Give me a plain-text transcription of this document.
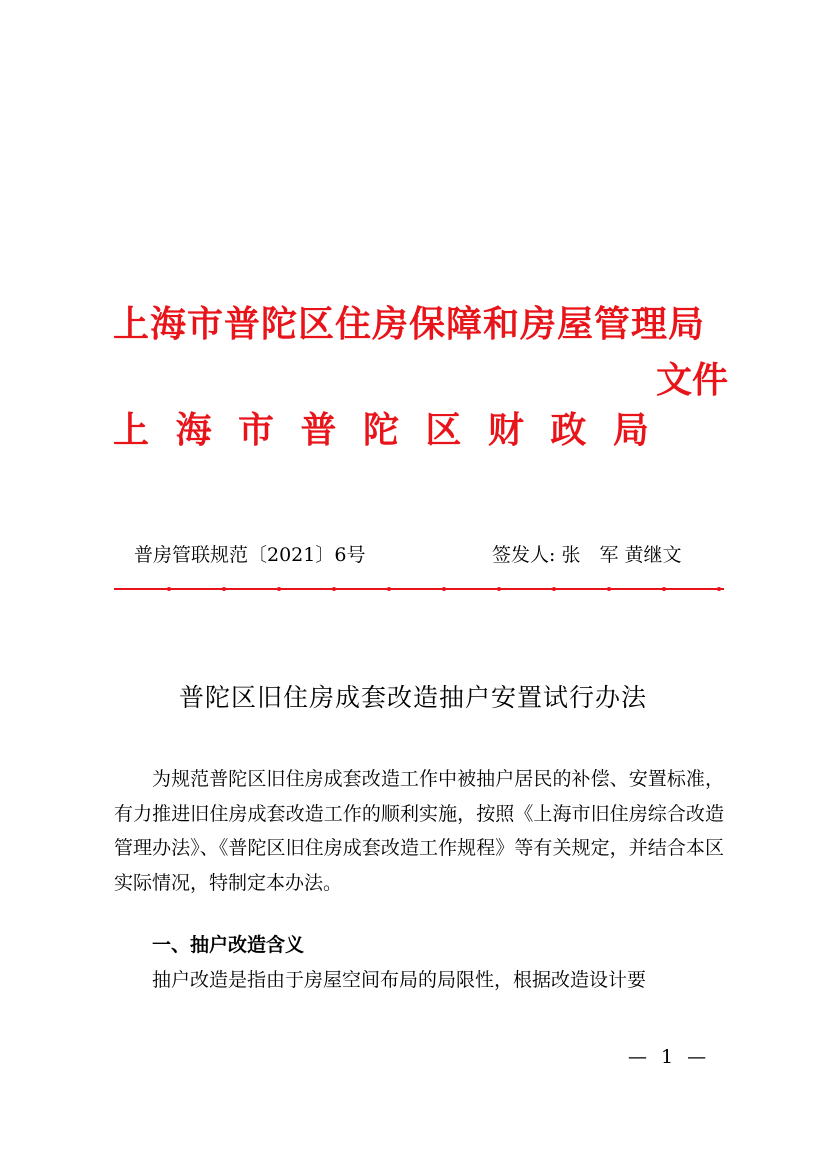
上海市普陀区住房保障和房屋管理局
文件
上 海 市 普 陀 区 财 政 局
普房管联规范〔2021〕6号	签发人: 张　军 黄继文
普陀区旧住房成套改造抽户安置试行办法

为规范普陀区旧住房成套改造工作中被抽户居民的补偿、安置标准，有力推进旧住房成套改造工作的顺利实施，按照《上海市旧住房综合改造管理办法》、《普陀区旧住房成套改造工作规程》等有关规定，并结合本区实际情况，特制定本办法。

一、抽户改造含义

抽户改造是指由于房屋空间布局的局限性，根据改造设计要

— 1 —
